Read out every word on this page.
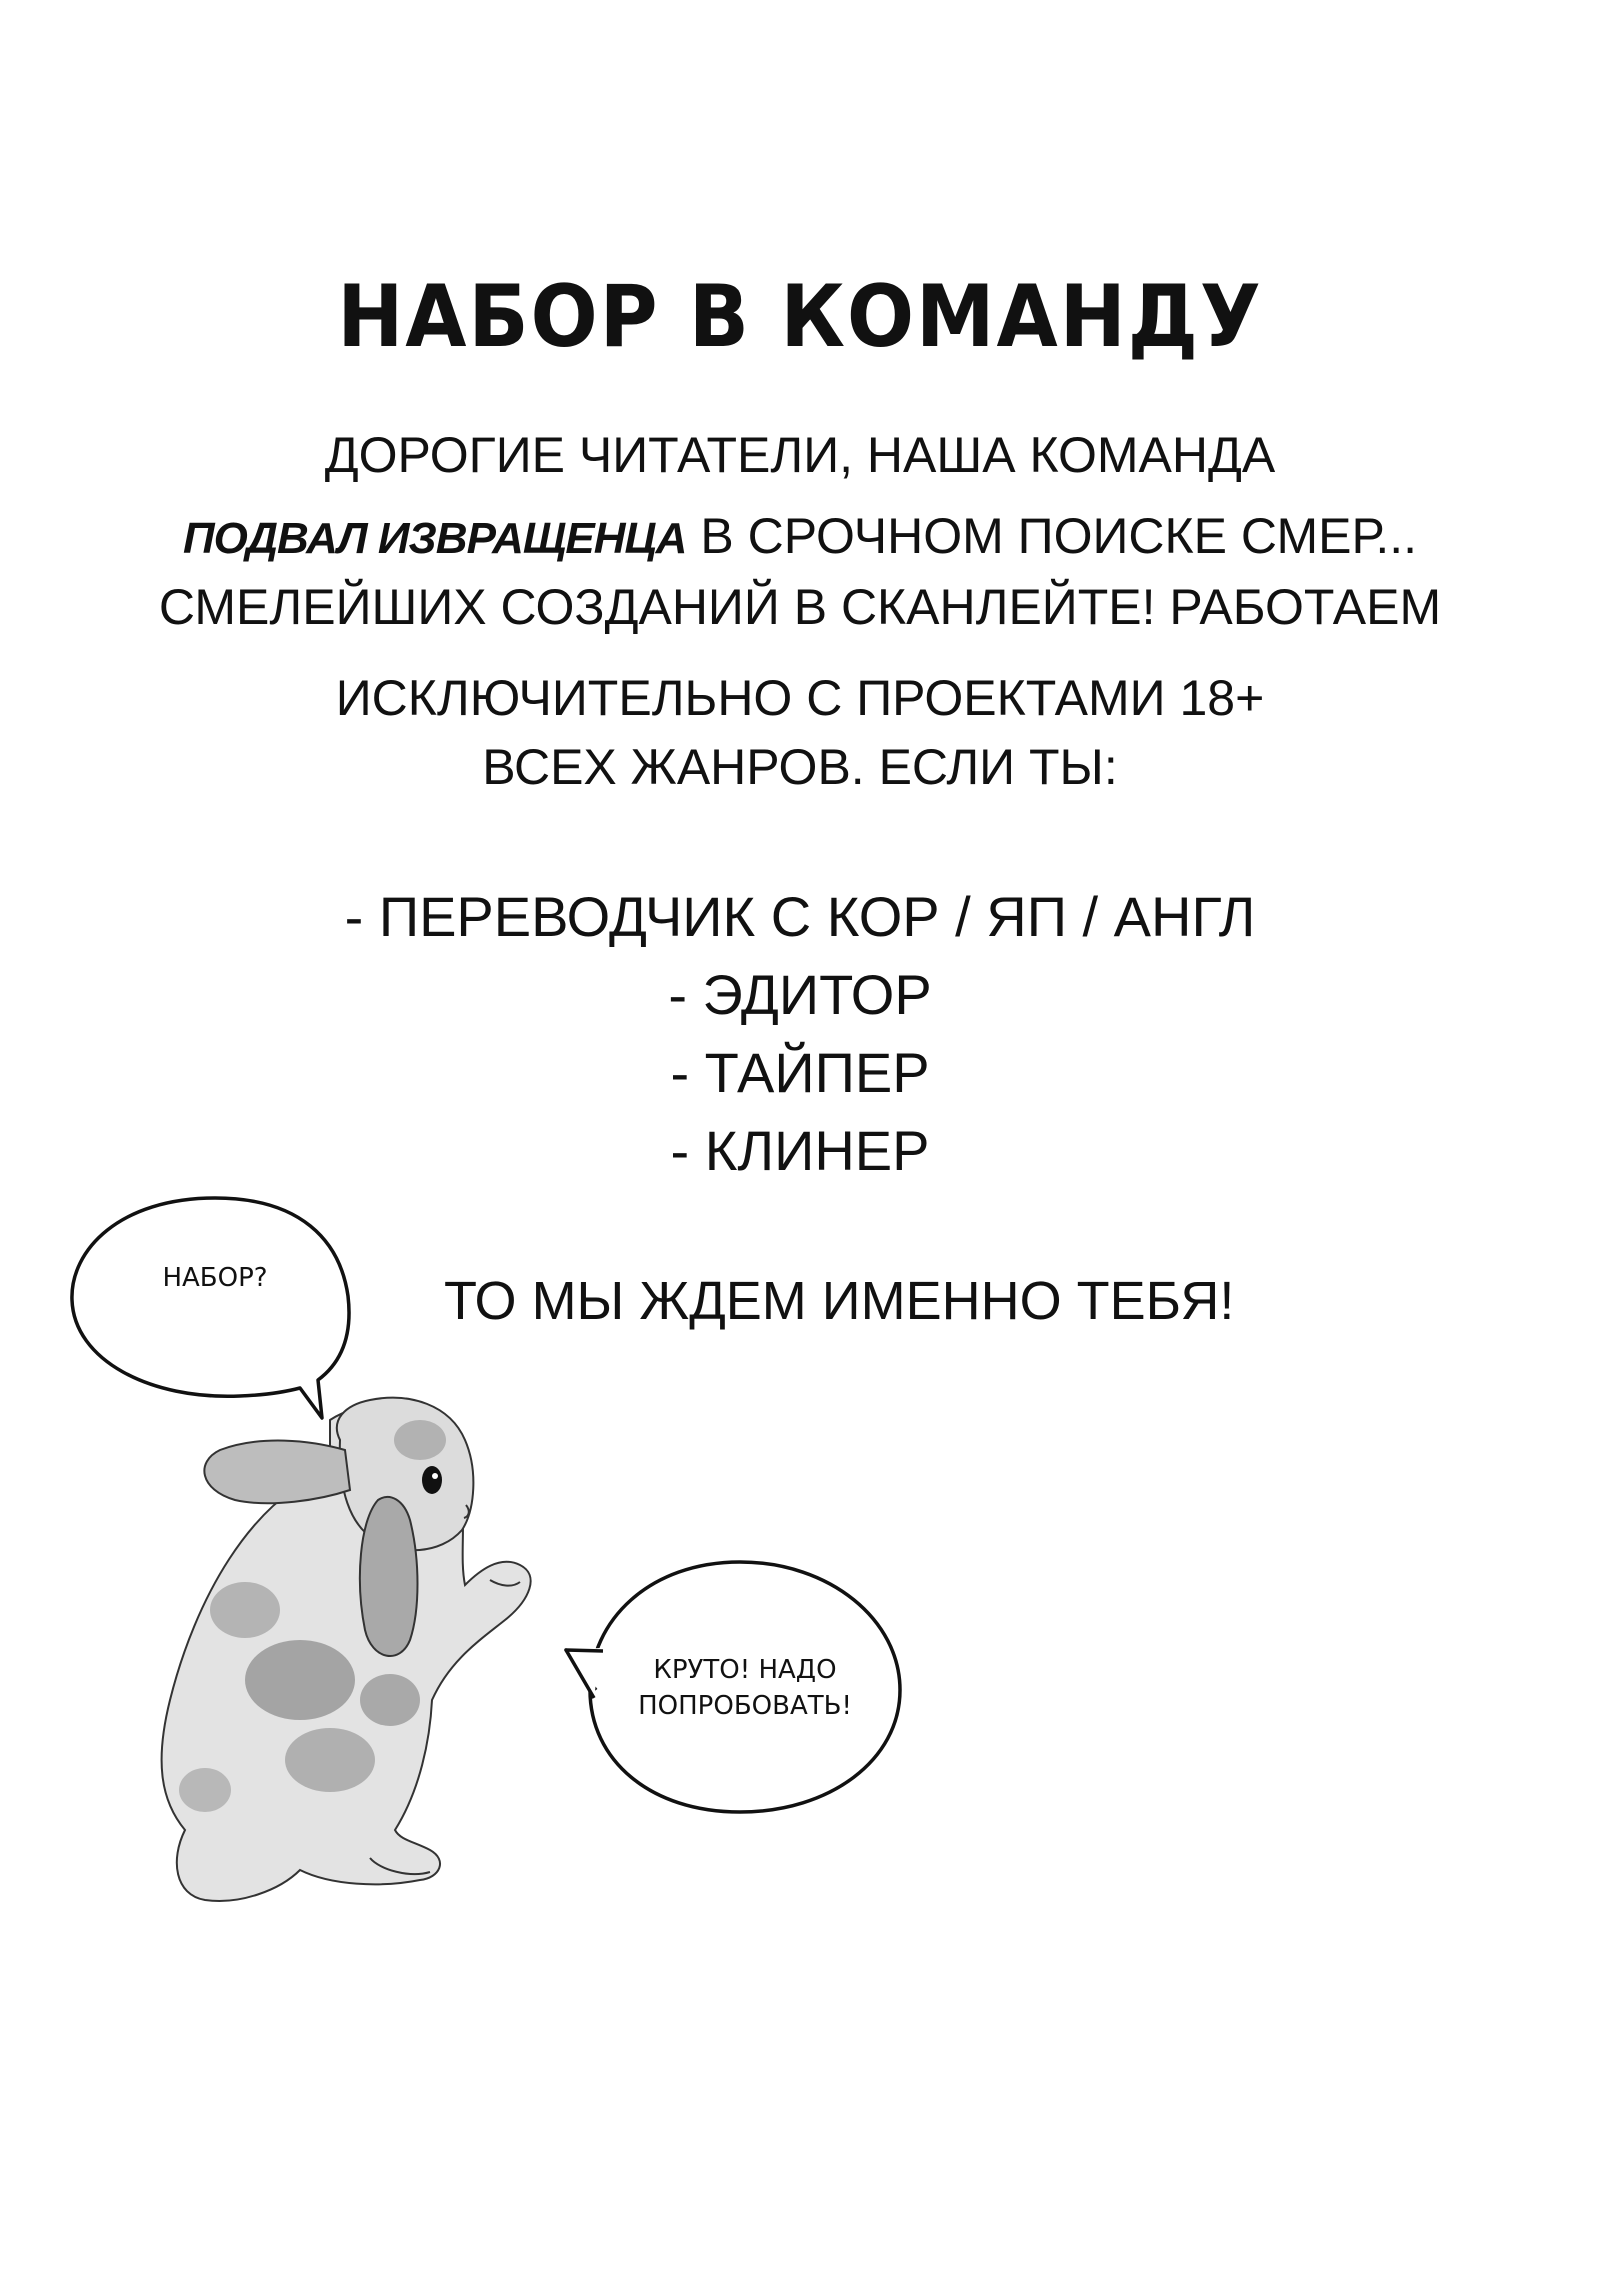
НАБОР В КОМАНДУ
ДОРОГИЕ ЧИТАТЕЛИ, НАША КОМАНДА
ПОДВАЛ ИЗВРАЩЕНЦА В СРОЧНОМ ПОИСКЕ СМЕР...
СМЕЛЕЙШИХ СОЗДАНИЙ В СКАНЛЕЙТЕ! РАБОТАЕМ
ИСКЛЮЧИТЕЛЬНО С ПРОЕКТАМИ 18+
ВСЕХ ЖАНРОВ. ЕСЛИ ТЫ:
- ПЕРЕВОДЧИК С КОР / ЯП / АНГЛ
- ЭДИТОР
- ТАЙПЕР
- КЛИНЕР
ТО МЫ ЖДЕМ ИМЕННО ТЕБЯ!
НАБОР?
КРУТО! НАДО
ПОПРОБОВАТЬ!
